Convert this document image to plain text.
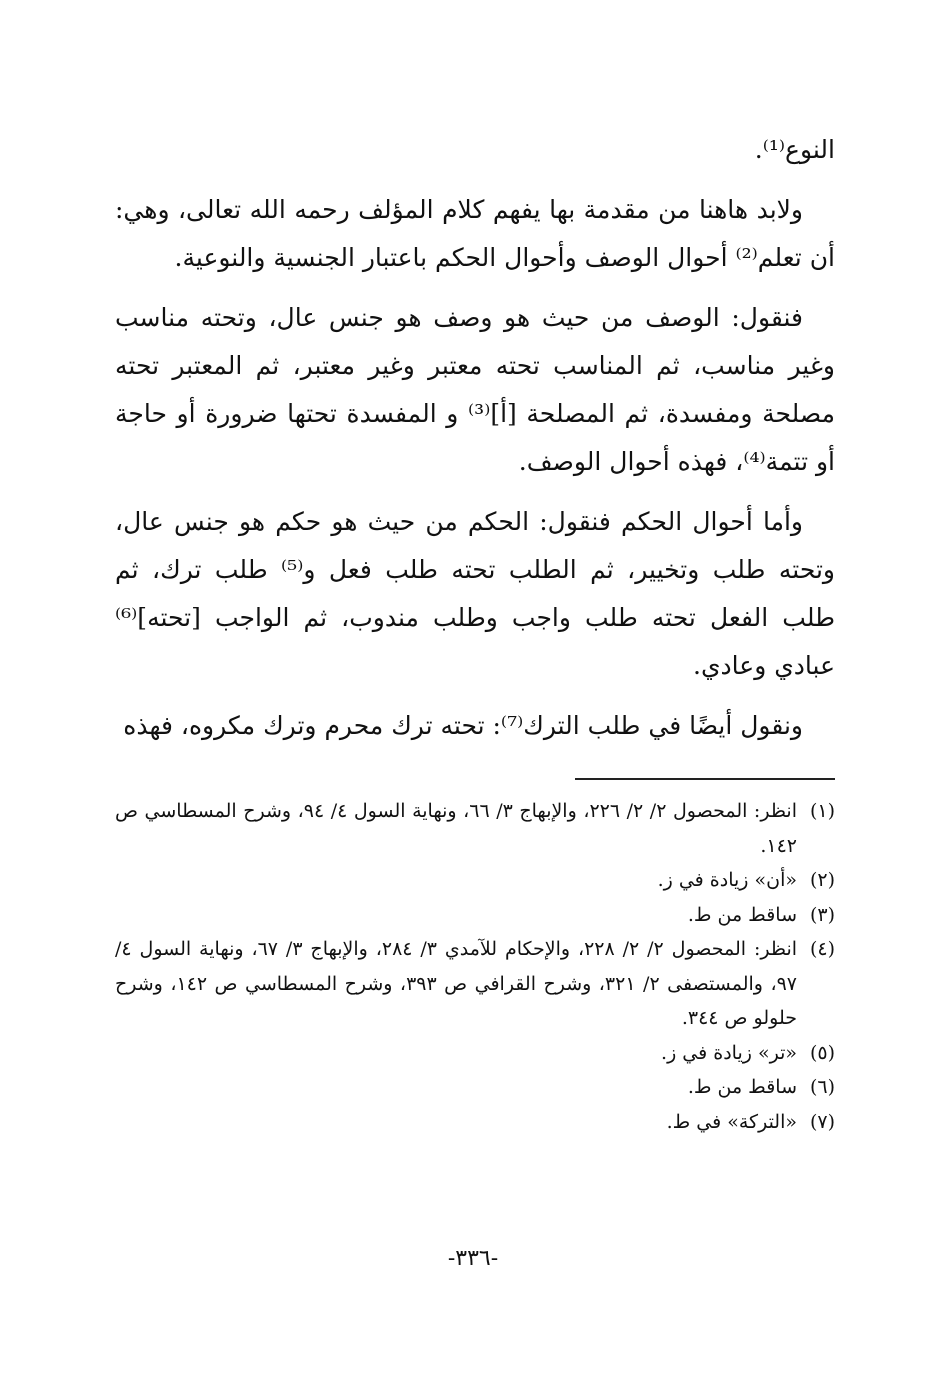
النوع⁽¹⁾.

ولابد هاهنا من مقدمة بها يفهم كلام المؤلف رحمه الله تعالى، وهي: أن تعلم⁽²⁾ أحوال الوصف وأحوال الحكم باعتبار الجنسية والنوعية.

فنقول: الوصف من حيث هو وصف هو جنس عال، وتحته مناسب وغير مناسب، ثم المناسب تحته معتبر وغير معتبر، ثم المعتبر تحته مصلحة ومفسدة، ثم المصلحة [أ]⁽³⁾ و المفسدة تحتها ضرورة أو حاجة أو تتمة⁽⁴⁾، فهذه أحوال الوصف.

وأما أحوال الحكم فنقول: الحكم من حيث هو حكم هو جنس عال، وتحته طلب وتخيير، ثم الطلب تحته طلب فعل و⁽⁵⁾ طلب ترك، ثم طلب الفعل تحته طلب واجب وطلب مندوب، ثم الواجب [تحته]⁽⁶⁾ عبادي وعادي.

ونقول أيضًا في طلب الترك⁽⁷⁾: تحته ترك محرم وترك مكروه، فهذه

(١)
انظر: المحصول ٢/ ٢/ ٢٢٦، والإبهاج ٣/ ٦٦، ونهاية السول ٤/ ٩٤، وشرح المسطاسي ص ١٤٢.
(٢)
«أن» زيادة في ز.
(٣)
ساقط من ط.
(٤)
انظر: المحصول ٢/ ٢/ ٢٢٨، والإحكام للآمدي ٣/ ٢٨٤، والإبهاج ٣/ ٦٧، ونهاية السول ٤/ ٩٧، والمستصفى ٢/ ٣٢١، وشرح القرافي ص ٣٩٣، وشرح المسطاسي ص ١٤٢، وشرح حلولو ص ٣٤٤.
(٥)
«تر» زيادة في ز.
(٦)
ساقط من ط.
(٧)
«التركة» في ط.
-٣٣٦-
